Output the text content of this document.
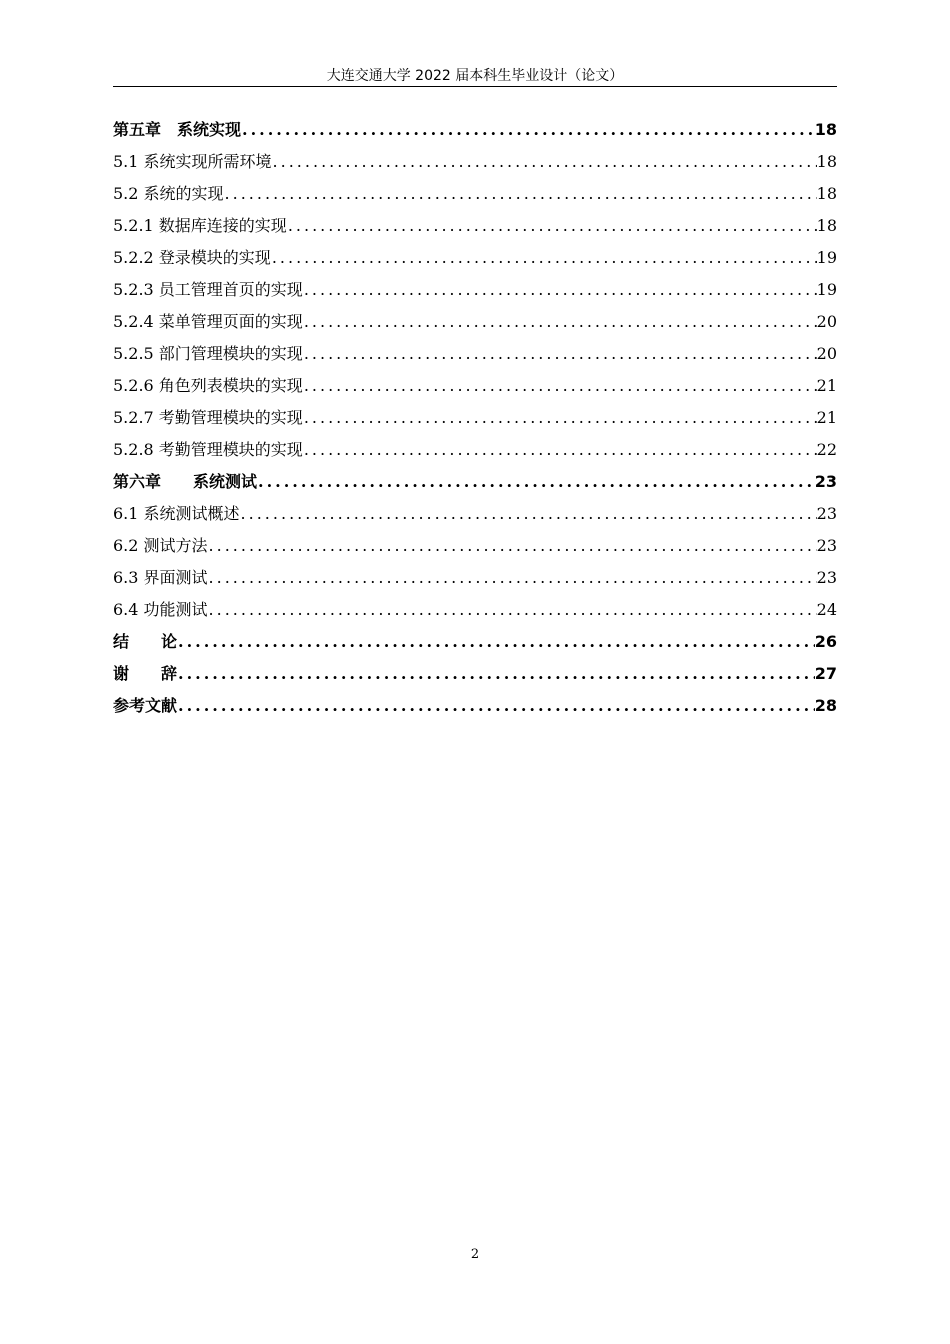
大连交通大学 2022 届本科生毕业设计（论文）
第五章　系统实现 .....	18
5.1 系统实现所需环境 .....	18
5.2 系统的实现 .....	18
5.2.1 数据库连接的实现 .....	18
5.2.2 登录模块的实现 .....	19
5.2.3 员工管理首页的实现 .....	19
5.2.4 菜单管理页面的实现 .....	20
5.2.5 部门管理模块的实现 .....	20
5.2.6 角色列表模块的实现 .....	21
5.2.7 考勤管理模块的实现 .....	21
5.2.8 考勤管理模块的实现 .....	22
第六章　　系统测试 .....	23
6.1 系统测试概述 .....	23
6.2 测试方法 .....	23
6.3 界面测试 .....	23
6.4 功能测试 .....	24
结　　论 .....	26
谢　　辞 .....	27
参考文献 .....	28
2
